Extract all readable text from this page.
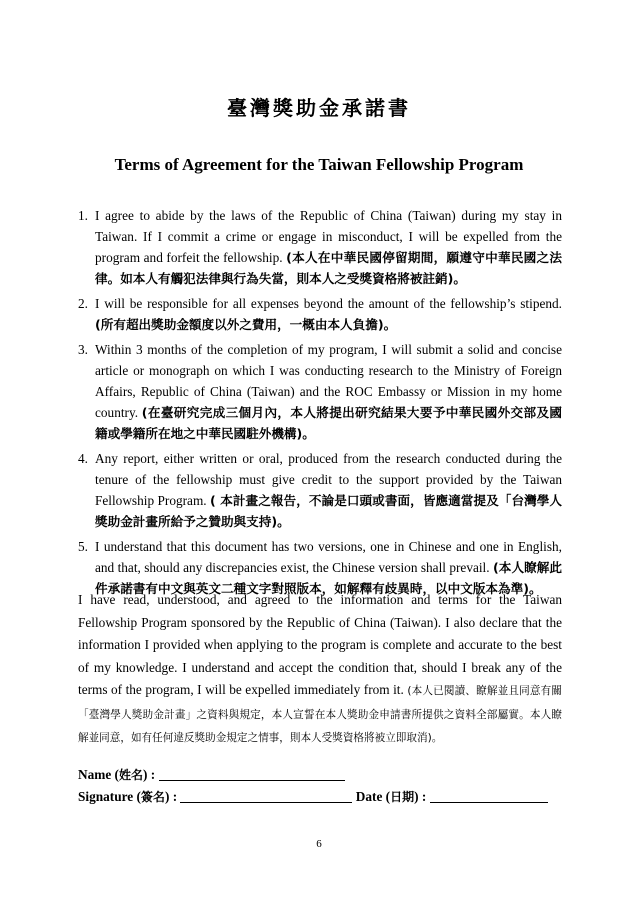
臺灣獎助金承諾書
Terms of Agreement for the Taiwan Fellowship Program
1. I agree to abide by the laws of the Republic of China (Taiwan) during my stay in Taiwan. If I commit a crime or engage in misconduct, I will be expelled from the program and forfeit the fellowship. (本人在中華民國停留期間，願遵守中華民國之法律。如本人有觸犯法律與行為失當，則本人之受獎資格將被註銷)。
2. I will be responsible for all expenses beyond the amount of the fellowship’s stipend. (所有超出獎助金額度以外之費用，一概由本人負擔)。
3. Within 3 months of the completion of my program, I will submit a solid and concise article or monograph on which I was conducting research to the Ministry of Foreign Affairs, Republic of China (Taiwan) and the ROC Embassy or Mission in my home country. (在臺研究完成三個月內，本人將提出研究結果大要予中華民國外交部及國籍或學籍所在地之中華民國駐外機構)。
4. Any report, either written or oral, produced from the research conducted during the tenure of the fellowship must give credit to the support provided by the Taiwan Fellowship Program. ( 本計畫之報告，不論是口頭或書面，皆應適當提及「台灣學人獎助金計畫所給予之贊助與支持)。
5. I understand that this document has two versions, one in Chinese and one in English, and that, should any discrepancies exist, the Chinese version shall prevail. (本人瞭解此件承諾書有中文與英文二種文字對照版本，如解釋有歧異時，以中文版本為準)。

I have read, understood, and agreed to the information and terms for the Taiwan Fellowship Program sponsored by the Republic of China (Taiwan). I also declare that the information I provided when applying to the program is complete and accurate to the best of my knowledge. I understand and accept the condition that, should I break any of the terms of the program, I will be expelled immediately from it. (本人已閱讀、瞭解並且同意有關「臺灣學人獎助金計畫」之資料與規定，本人宣誓在本人獎助金申請書所提供之資料全部屬實。本人瞭解並同意，如有任何違反獎助金規定之情事，則本人受獎資格將被立即取消)。

Name (姓名) :
Signature (簽名) :	Date (日期) :
6
